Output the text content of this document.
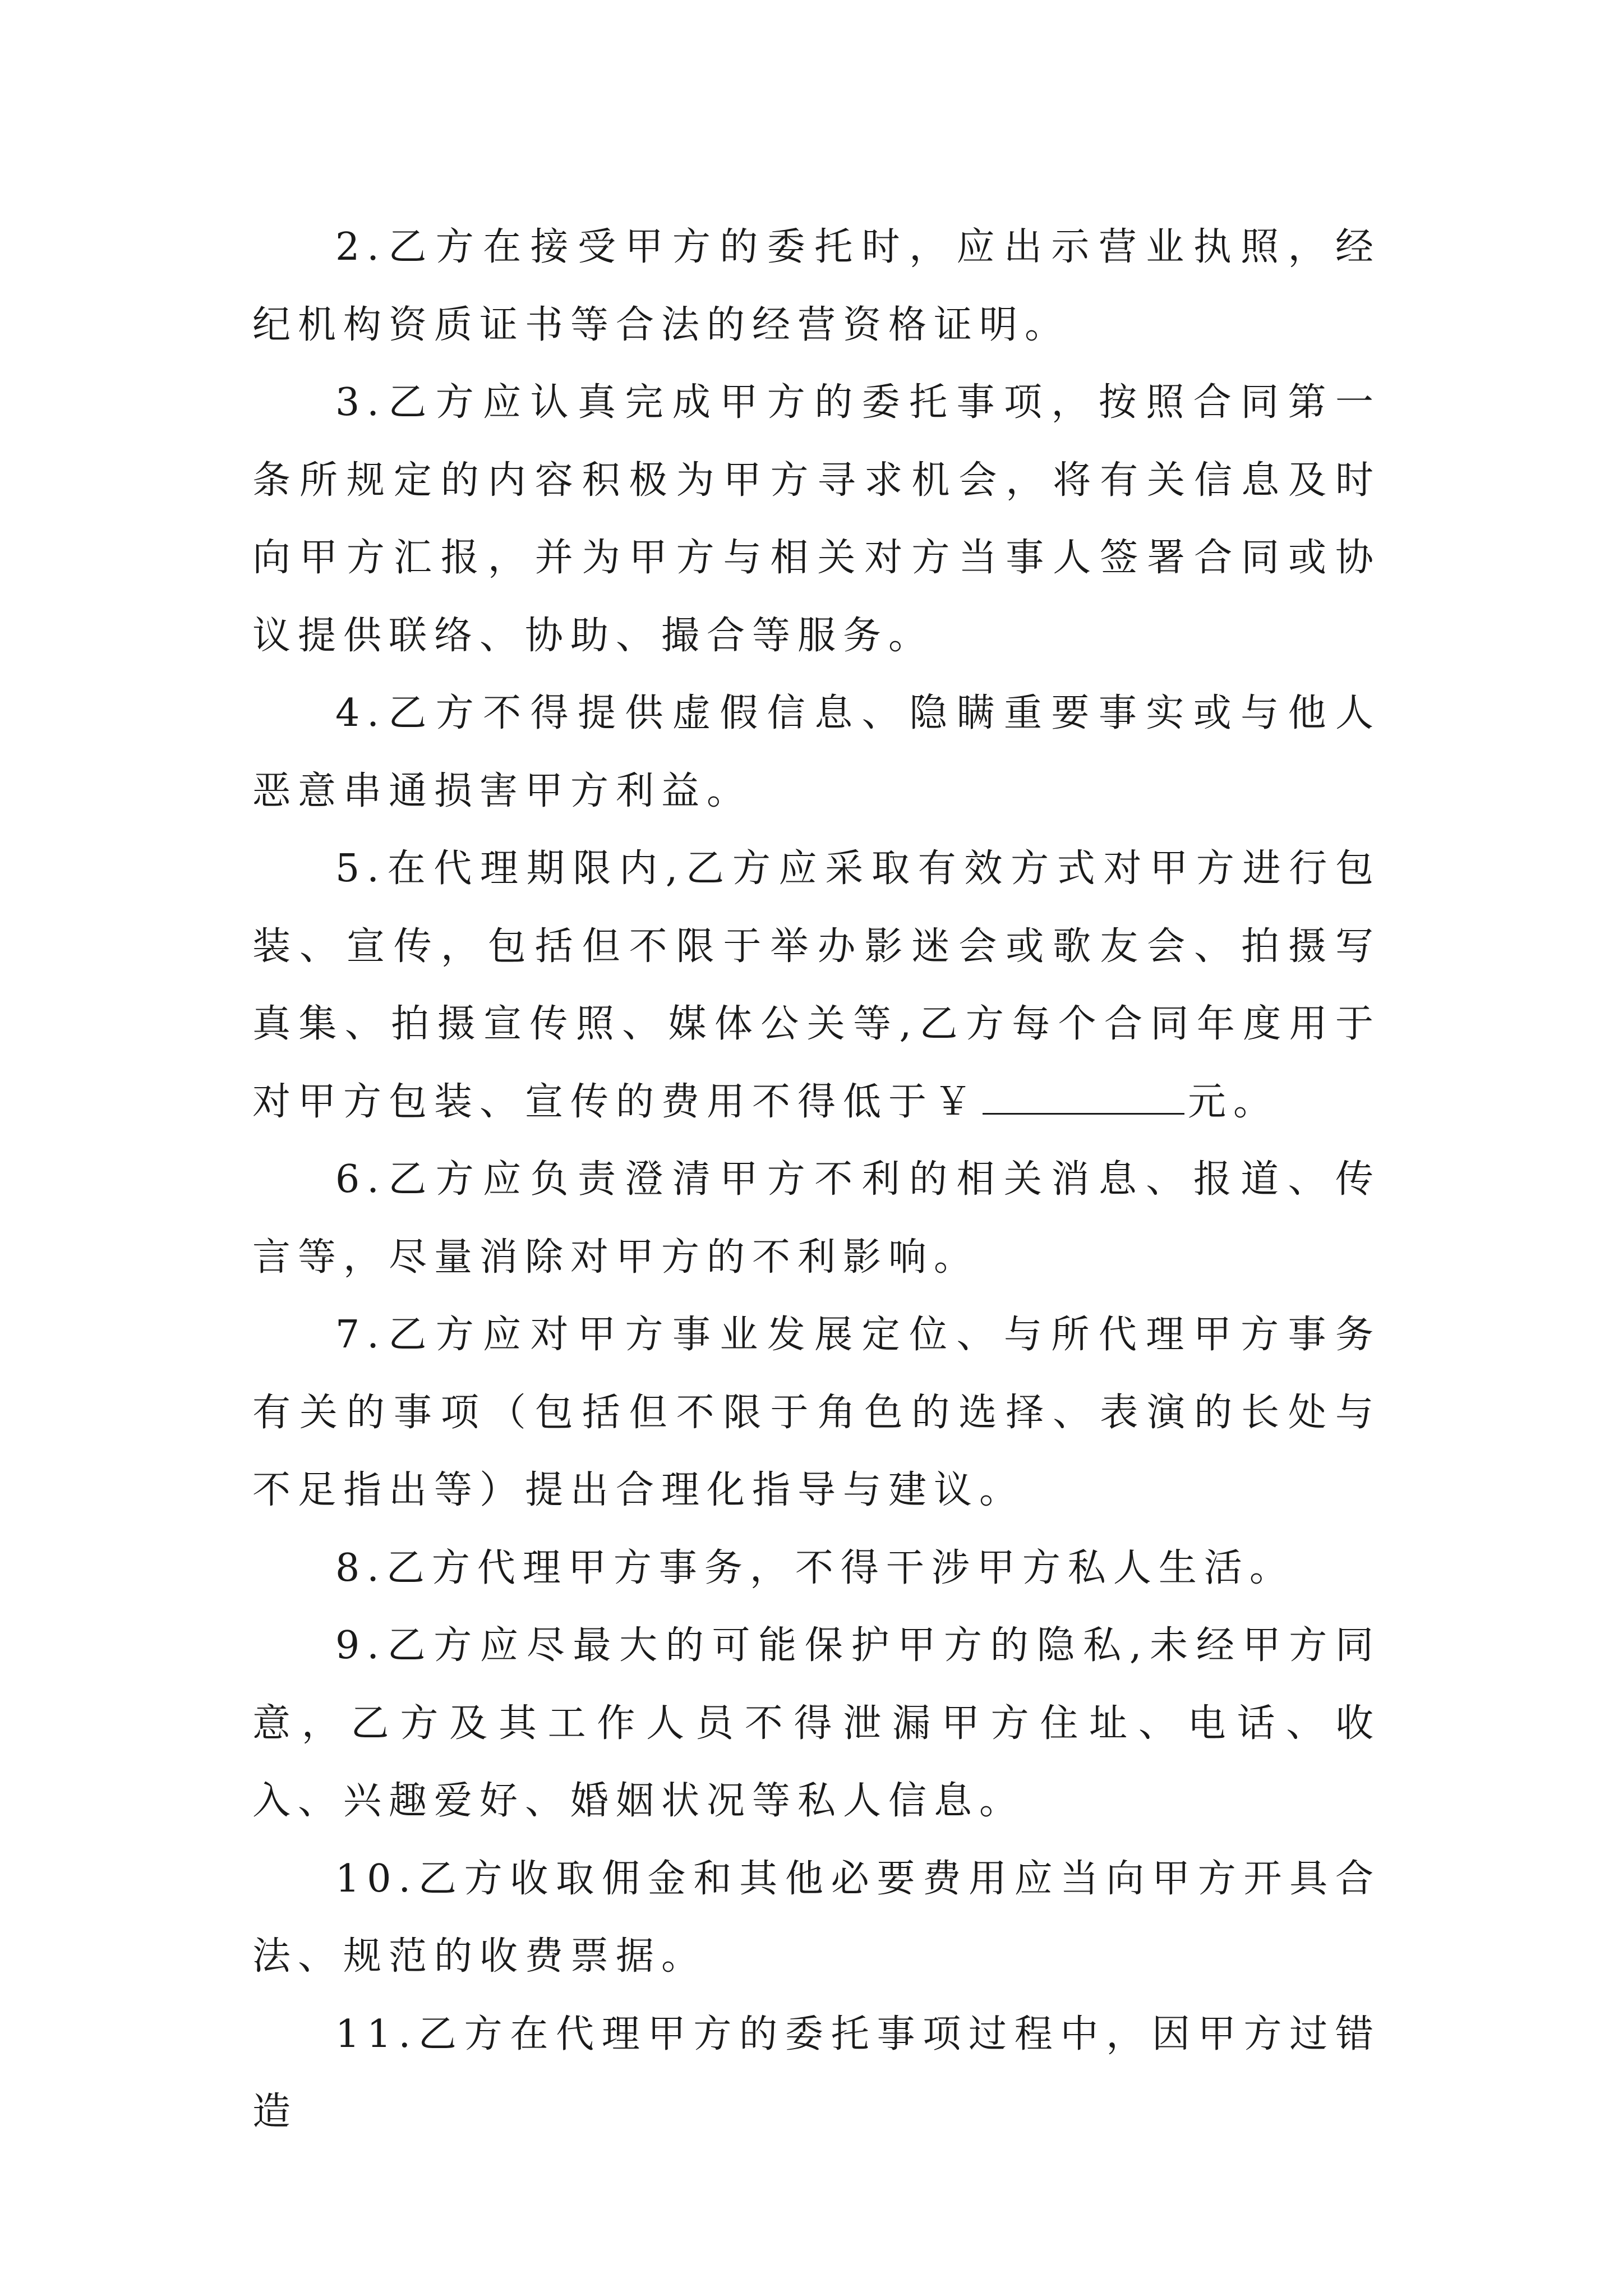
2.乙方在接受甲方的委托时，应出示营业执照，经纪机构资质证书等合法的经营资格证明。

3.乙方应认真完成甲方的委托事项，按照合同第一条所规定的内容积极为甲方寻求机会，将有关信息及时向甲方汇报，并为甲方与相关对方当事人签署合同或协议提供联络、协助、撮合等服务。

4.乙方不得提供虚假信息、隐瞒重要事实或与他人恶意串通损害甲方利益。

5.在代理期限内,乙方应采取有效方式对甲方进行包装、宣传，包括但不限于举办影迷会或歌友会、拍摄写真集、拍摄宣传照、媒体公关等,乙方每个合同年度用于对甲方包装、宣传的费用不得低于￥	元。

6.乙方应负责澄清甲方不利的相关消息、报道、传言等，尽量消除对甲方的不利影响。

7.乙方应对甲方事业发展定位、与所代理甲方事务有关的事项（包括但不限于角色的选择、表演的长处与不足指出等）提出合理化指导与建议。

8.乙方代理甲方事务，不得干涉甲方私人生活。

9.乙方应尽最大的可能保护甲方的隐私,未经甲方同意，乙方及其工作人员不得泄漏甲方住址、电话、收入、兴趣爱好、婚姻状况等私人信息。

10.乙方收取佣金和其他必要费用应当向甲方开具合法、规范的收费票据。

11.乙方在代理甲方的委托事项过程中，因甲方过错造
